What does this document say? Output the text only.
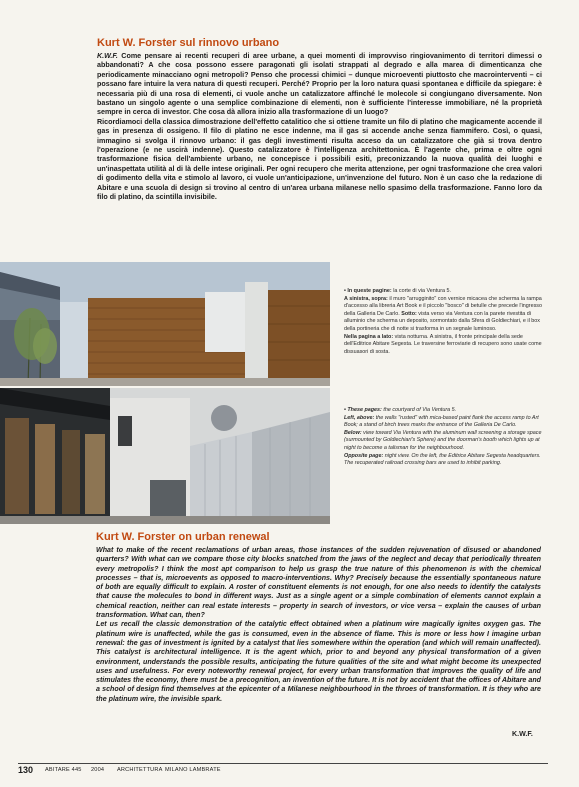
Kurt W. Forster sul rinnovo urbano
K.W.F. Come pensare ai recenti recuperi di aree urbane, a quei momenti di improvviso ringiovanimento di territori dimessi o abbandonati? A che cosa possono essere paragonati gli isolati strappati al degrado e alla marea di dimenticanza che periodicamente minacciano ogni metropoli? Penso che processi chimici – dunque microeventi piuttosto che macrointerventi – ci possano fare intuire la vera natura di questi recuperi. Perché? Proprio per la loro natura quasi spontanea e difficile da spiegare: è necessaria più di una rosa di elementi, ci vuole anche un catalizzatore affinché le molecole si congiungano diversamente. Non bastano un singolo agente o una semplice combinazione di elementi, non è sufficiente l'interesse immobiliare, né la proprietà sempre in cerca di investor. Che cosa dà allora inizio alla trasformazione di un luogo?
Ricordiamoci della classica dimostrazione dell'effetto catalitico che si ottiene tramite un filo di platino che magicamente accende il gas in presenza di ossigeno. Il filo di platino ne esce indenne, ma il gas si accende anche senza fiammifero. Così, o quasi, immagino si svolga il rinnovo urbano: il gas degli investimenti risulta acceso da un catalizzatore che già si trova dentro l'operazione (e ne uscirà indenne). Questo catalizzatore è l'intelligenza architettonica. È l'agente che, prima e oltre ogni trasformazione fisica dell'ambiente urbano, ne concepisce i possibili esiti, preconizzando la nuova qualità dei luoghi e un'inaspettata utilità al di là delle intese originali. Per ogni recupero che merita attenzione, per ogni trasformazione che crea valori di godimento della vita e stimolo al lavoro, ci vuole un'anticipazione, un'invenzione del futuro. Non è un caso che la redazione di Abitare e una scuola di design si trovino al centro di un'area urbana milanese nello spasimo della trasformazione. Fanno loro da filo di platino, da scintilla invisibile.
• In queste pagine: la corte di via Ventura 5.
A sinistra, sopra: il muro "arrugginito" con vernice micacea che scherma la rampa d'accesso alla libreria Art Book e il piccolo "bosco" di betulle che precede l'ingresso della Galleria De Carlo. Sotto: vista verso via Ventura con la parete rivestita di alluminio che scherma un deposito, sormontato dalla Sfera di Goldiechiari, e il box della portineria che di notte si trasforma in un segnale luminoso.
Nella pagina a lato: vista notturna. A sinistra, il fronte principale della sede dell'Editrice Abitare Segesta. Le traversine ferroviarie di recupero sono usate come dissuasori di sosta.
• These pages: the courtyard of Via Ventura 5.
Left, above: the walls "rusted" with mica-based paint flank the access ramp to Art Book; a stand of birch trees marks the entrance of the Galleria De Carlo.
Below: view toward Via Ventura with the aluminum wall screening a storage space (surmounted by Goldiechiari's Sphere) and the doorman's booth which lights up at night to become a talisman for the neighbourhood.
Opposite page: night view. On the left, the Editrice Abitare Segesta headquarters. The recuperated railroad crossing bars are used to inhibit parking.
Kurt W. Forster on urban renewal
What to make of the recent reclamations of urban areas, those instances of the sudden rejuvenation of disused or abandoned quarters? With what can we compare those city blocks snatched from the jaws of the neglect and decay that periodically threaten every metropolis? I think the most apt comparison to help us grasp the true nature of this phenomenon is with the chemical processes – that is, microevents as opposed to macro-interventions. Why? Precisely because the essentially spontaneous nature of both are equally difficult to explain. A roster of constituent elements is not enough, for one also needs to identify the catalysts that cause the molecules to bond in different ways. Just as a single agent or a simple combination of elements cannot explain a chemical reaction, neither can real estate interests – property in search of investors, or vice versa – explain the causes of urban transformation. What can, then?
Let us recall the classic demonstration of the catalytic effect obtained when a platinum wire magically ignites oxygen gas. The platinum wire is unaffected, while the gas is consumed, even in the absence of flame. This is more or less how I imagine urban renewal: the gas of investment is ignited by a catalyst that lies somewhere within the operation (and which will remain unaffected). This catalyst is architectural intelligence. It is the agent which, prior to and beyond any physical transformation of a given environment, understands the possible results, anticipating the future qualities of the site and what might become its unexpected uses and usefulness. For every noteworthy renewal project, for every urban transformation that improves the quality of life and stimulates the economy, there must be a precognition, an invention of the future. It is not by accident that the offices of Abitare and a school of design find themselves at the epicenter of a Milanese neighbourhood in the throes of transformation. It is they who are the platinum wire, the invisible spark.
K.W.F.
130 ABITARE 445 2004 ARCHITETTURA MILANO LAMBRATE
